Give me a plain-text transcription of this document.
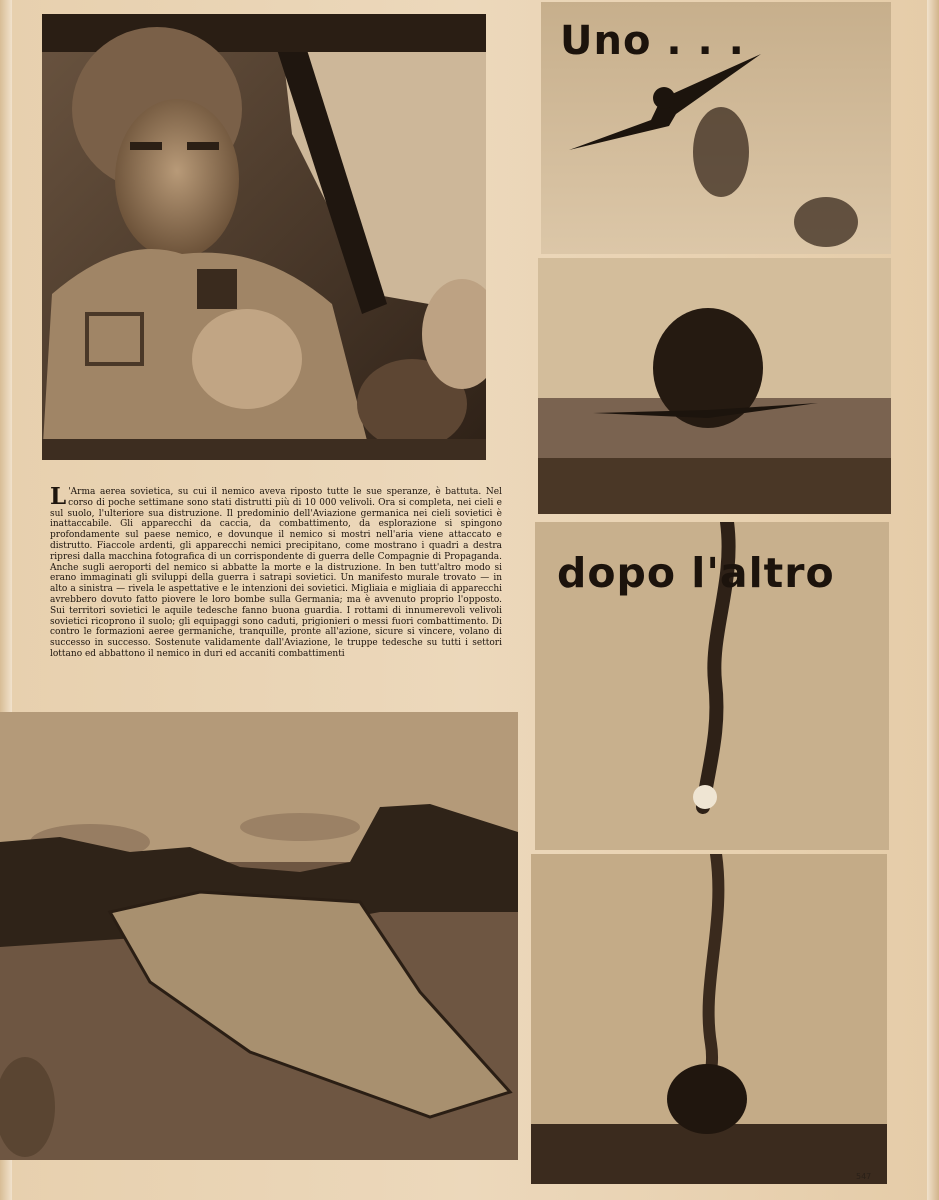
Uno . . .
dopo l'altro

L 'Arma aerea sovietica, su cui il nemico aveva riposto tutte le sue speranze, è battuta. Nel corso di poche settimane sono stati distrutti più di 10 000 velivoli. Ora si completa, nei cieli e sul suolo, l'ulteriore sua distruzione. Il predominio dell'Aviazione germanica nei cieli sovietici è inattaccabile. Gli apparecchi da caccia, da combattimento, da esplorazione si spingono profondamente sul paese nemico, e dovunque il nemico si mostri nell'aria viene attaccato e distrutto. Fiaccole ardenti, gli apparecchi nemici precipitano, come mostrano i quadri a destra ripresi dalla macchina fotografica di un corrispondente di guerra delle Compagnie di Propaganda. Anche sugli aeroporti del nemico si abbatte la morte e la distruzione. In ben tutt'altro modo si erano immaginati gli sviluppi della guerra i satrapi sovietici. Un manifesto murale trovato — in alto a sinistra — rivela le aspettative e le intenzioni dei sovietici. Migliaia e migliaia di apparecchi avrebbero dovuto fatto piovere le loro bombe sulla Germania; ma è avvenuto proprio l'opposto. Sui territori sovietici le aquile tedesche fanno buona guardia. I rottami di innumerevoli velivoli sovietici ricoprono il suolo; gli equipaggi sono caduti, prigionieri o messi fuori combattimento. Di contro le formazioni aeree germaniche, tranquille, pronte all'azione, sicure si vincere, volano di successo in successo. Sostenute validamente dall'Aviazione, le truppe tedesche su tutti i settori lottano ed abbattono il nemico in duri ed accaniti combattimenti

547
